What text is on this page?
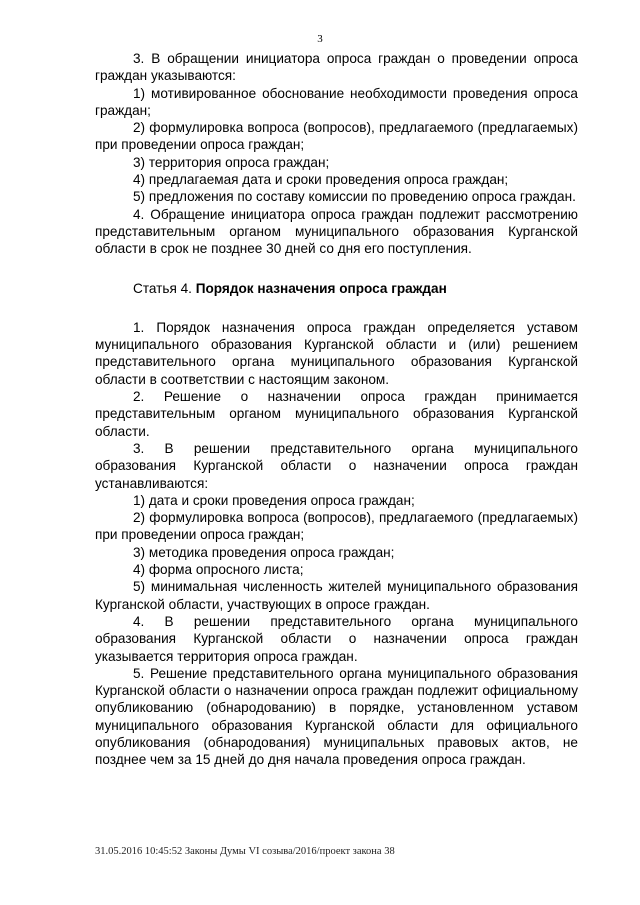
3

3. В обращении инициатора опроса граждан о проведении опроса граждан указываются:

1) мотивированное обоснование необходимости проведения опроса граждан;

2) формулировка вопроса (вопросов), предлагаемого (предлагаемых) при проведении опроса граждан;

3) территория опроса граждан;

4) предлагаемая дата и сроки проведения опроса граждан;

5) предложения по составу комиссии по проведению опроса граждан.

4. Обращение инициатора опроса граждан подлежит рассмотрению представительным органом муниципального образования Курганской области в срок не позднее 30 дней со дня его поступления.

Статья 4. Порядок назначения опроса граждан

1. Порядок назначения опроса граждан определяется уставом муниципального образования Курганской области и (или) решением представительного органа муниципального образования Курганской области в соответствии с настоящим законом.

2. Решение о назначении опроса граждан принимается представительным органом муниципального образования Курганской области.

3. В решении представительного органа муниципального образования Курганской области о назначении опроса граждан устанавливаются:

1) дата и сроки проведения опроса граждан;

2) формулировка вопроса (вопросов), предлагаемого (предлагаемых) при проведении опроса граждан;

3) методика проведения опроса граждан;

4) форма опросного листа;

5) минимальная численность жителей муниципального образования Курганской области, участвующих в опросе граждан.

4. В решении представительного органа муниципального образования Курганской области о назначении опроса граждан указывается территория опроса граждан.

5. Решение представительного органа муниципального образования Курганской области о назначении опроса граждан подлежит официальному опубликованию (обнародованию) в порядке, установленном уставом муниципального образования Курганской области для официального опубликования (обнародования) муниципальных правовых актов, не позднее чем за 15 дней до дня начала проведения опроса граждан.

31.05.2016 10:45:52 Законы Думы VI созыва/2016/проект закона 38
